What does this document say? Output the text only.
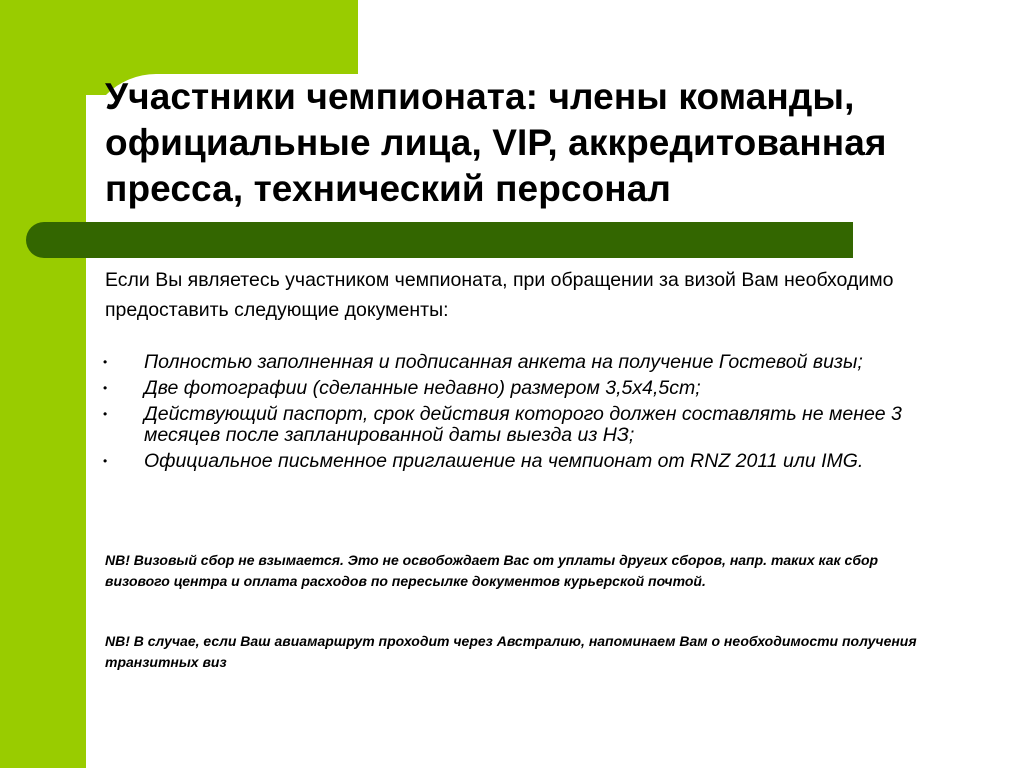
Участники чемпионата: члены команды, официальные лица, VIP, аккредитованная пресса, технический персонал

Если Вы являетесь участником чемпионата, при обращении за визой Вам необходимо предоставить следующие документы:

• Полностью заполненная и подписанная анкета на получение Гостевой визы;
• Две фотографии (сделанные недавно) размером 3,5х4,5cm;
• Действующий паспорт, срок действия которого должен составлять не менее 3 месяцев после запланированной даты выезда из НЗ;
• Официальное письменное приглашение на чемпионат от RNZ 2011 или IMG.

NB! Визовый сбор не взымается. Это не освобождает Вас от уплаты других сборов, напр. таких как сбор визового центра и оплата расходов по пересылке документов курьерской почтой.

NB! В случае, если Ваш авиамаршрут проходит через Австралию, напоминаем Вам о необходимости получения транзитных виз
